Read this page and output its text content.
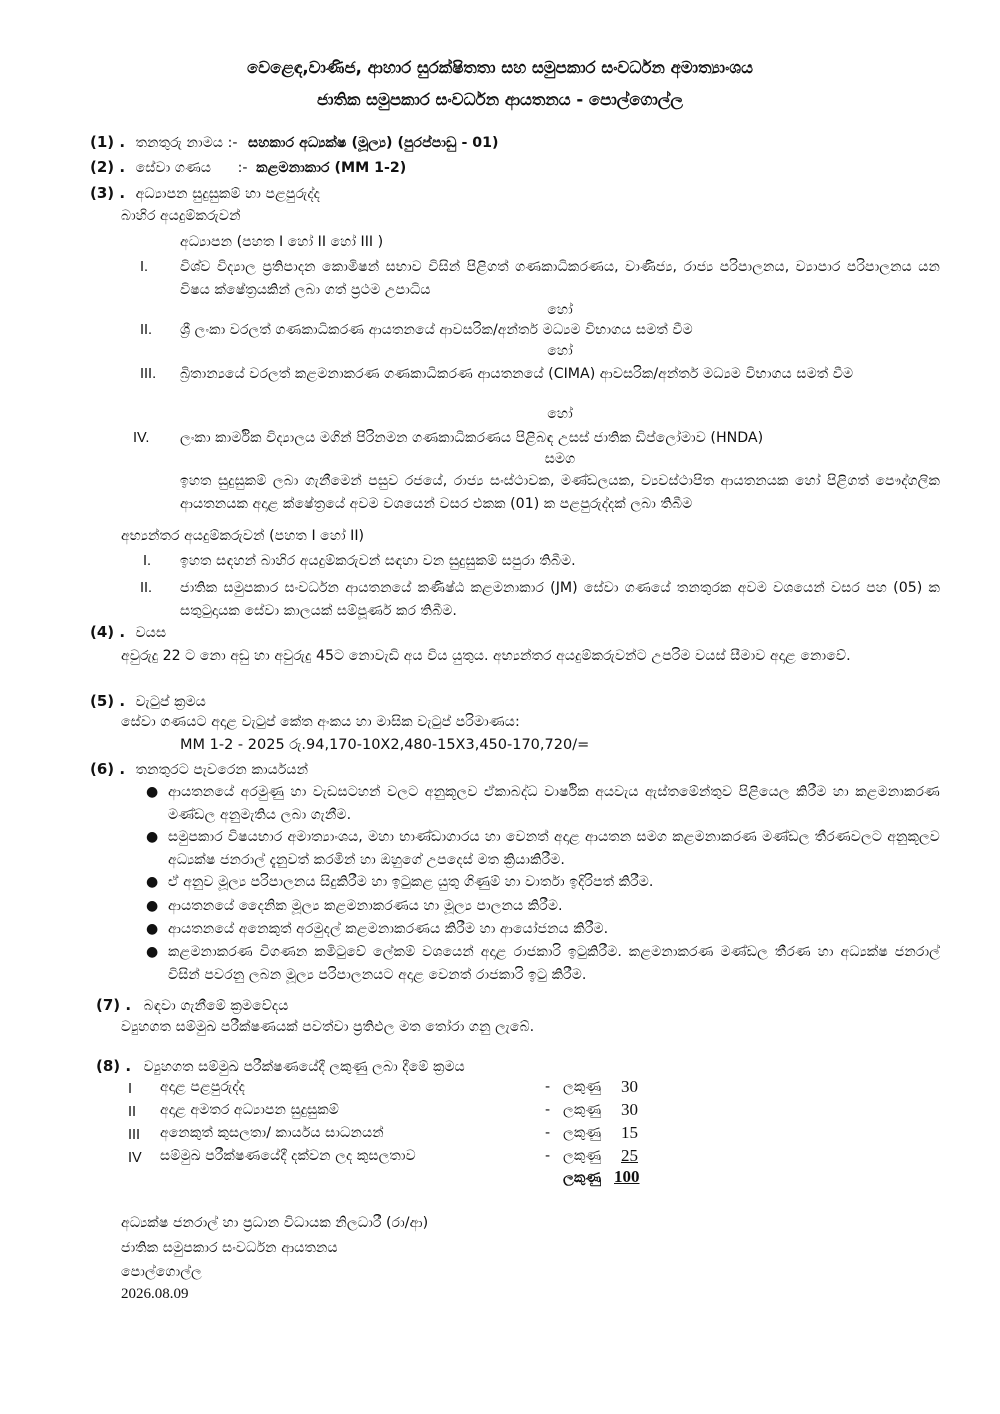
වෙළෙඳ,වාණිජ, ආහාර සුරක්ෂිතතා සහ සමුපකාර සංවර්ධන අමාත්‍යාංශය
ජාතික සමුපකාර සංවර්ධන ආයතනය - පොල්ගොල්ල
(1) . තනතුරු නාමය :- සහකාර අධ්‍යක්ෂ (මූල්‍ය) (පුරප්පාඩු - 01)
(2) . සේවා ගණය :- කළමනාකාර (MM 1-2)
(3) . අධ්‍යාපන සුදුසුකම් හා පළපුරුද්ද
බාහිර අයදුම්කරුවන්
අධ්‍යාපන (පහත I හෝ II හෝ III )
I. විශ්ව විද්‍යාල ප්‍රතිපාදන කොමිෂන් සභාව විසින් පිළිගත් ගණකාධිකරණය, වාණිජ්‍ය, රාජ්‍ය පරිපාලනය, ව්‍යාපාර පරිපාලනය යන විෂය ක්ෂේත්‍රයකින් ලබා ගත් ප්‍රථම උපාධිය
හෝ
II. ශ්‍රී ලංකා වරලත් ගණකාධිකරණ ආයතනයේ ආවසරික/අන්තර් මධ්‍යම විභාගය සමත් වීම
හෝ
III. බ්‍රිතාන්‍යයේ වරලත් කළමනාකරණ ගණකාධිකරණ ආයතනයේ (CIMA) ආවසරික/අන්තර් මධ්‍යම විභාගය සමත් වීම
හෝ
IV. ලංකා කාර්මික විද්‍යාලය මගින් පිරිනමන ගණකාධිකරණය පිළිබඳ උසස් ජාතික ඩිප්ලෝමාව (HNDA)
සමග
ඉහත සුදුසුකම් ලබා ගැනීමෙන් පසුව රජයේ, රාජ්‍ය සංස්ථාවක, මණ්ඩලයක, ව්‍යවස්ථාපිත ආයතනයක හෝ පිළිගත් පෞද්ගලික ආයතනයක අදාළ ක්ෂේත්‍රයේ අවම වශයෙන් වසර එකක (01) ක පළපුරුද්දක් ලබා තිබීම
අභ්‍යන්තර අයදුම්කරුවන් (පහත I හෝ II)
I. ඉහත සඳහන් බාහිර අයදුම්කරුවන් සඳහා වන සුදුසුකම් සපුරා තිබීම.
II. ජාතික සමුපකාර සංවර්ධන ආයතනයේ කණිෂ්ඨ කළමනාකාර (JM) සේවා ගණයේ තනතුරක අවම වශයෙන් වසර පහ (05) ක සතුටුදායක සේවා කාලයක් සම්පූර්ණ කර තිබීම.
(4) . වයස
අවුරුදු 22 ට නො අඩු හා අවුරුදු 45ට නොවැඩි අය විය යුතුය. අභ්‍යන්තර අයදුම්කරුවන්ට උපරිම වයස් සීමාව අදාළ නොවේ.
(5) . වැටුප් ක්‍රමය
සේවා ගණයට අදාළ වැටුප් කේත අංකය හා මාසික වැටුප් පරිමාණය:
MM 1-2 - 2025 රු.94,170-10X2,480-15X3,450-170,720/=
(6) . තනතුරට පැවරෙන කාර්යයන්
● ආයතනයේ අරමුණු හා වැඩසටහන් වලට අනුකූලව ඒකාබද්ධ වාර්ෂික අයවැය ඇස්තමේන්තුව පිළියෙල කිරීම හා කළමනාකරණ මණ්ඩල අනුමැතිය ලබා ගැනීම.
● සමුපකාර විෂයභාර අමාත්‍යාංශය, මහා භාණ්ඩාගාරය හා වෙනත් අදාළ ආයතන සමග කළමනාකරණ මණ්ඩල තීරණවලට අනුකූලව අධ්‍යක්ෂ ජනරාල් දැනුවත් කරමින් හා ඔහුගේ උපදෙස් මත ක්‍රියාකිරීම.
● ඒ අනුව මූල්‍ය පරිපාලනය සිදුකිරීම හා ඉටුකළ යුතු ගිණුම් හා වාර්තා ඉදිරිපත් කිරීම.
● ආයතනයේ දෛනික මූල්‍ය කළමනාකරණය හා මූල්‍ය පාලනය කිරීම.
● ආයතනයේ අනෙකුත් අරමුදල් කළමනාකරණය කිරීම හා ආයෝජනය කිරීම.
● කළමනාකරණ විගණන කමිටුවේ ලේකම් වශයෙන් අදාළ රාජකාරි ඉටුකිරීම. කළමනාකරණ මණ්ඩල තීරණ හා අධ්‍යක්ෂ ජනරාල් විසින් පවරනු ලබන මූල්‍ය පරිපාලනයට අදාළ වෙනත් රාජකාරි ඉටු කිරීම.
(7) . බඳවා ගැනීමේ ක්‍රමවේදය
ව්‍යුහගත සම්මුඛ පරීක්ෂණයක් පවත්වා ප්‍රතිඵල මත තෝරා ගනු ලැබේ.
(8) . ව්‍යුහගත සම්මුඛ පරීක්ෂණයේදී ලකුණු ලබා දීමේ ක්‍රමය
I අදාළ පළපුරුද්ද	- ලකුණු 30
II අදාළ අමතර අධ්‍යාපන සුදුසුකම්	- ලකුණු 30
III අනෙකුත් කුසලතා/ කාර්යය සාධනයන්	- ලකුණු 15
IV සම්මුඛ පරීක්ෂණයේදී දක්වන ලද කුසලතාව	- ලකුණු 25
ලකුණු 100
අධ්‍යක්ෂ ජනරාල් හා ප්‍රධාන විධායක නිලධාරී (රා/ආ)
ජාතික සමුපකාර සංවර්ධන ආයතනය
පොල්ගොල්ල
2026.08.09
